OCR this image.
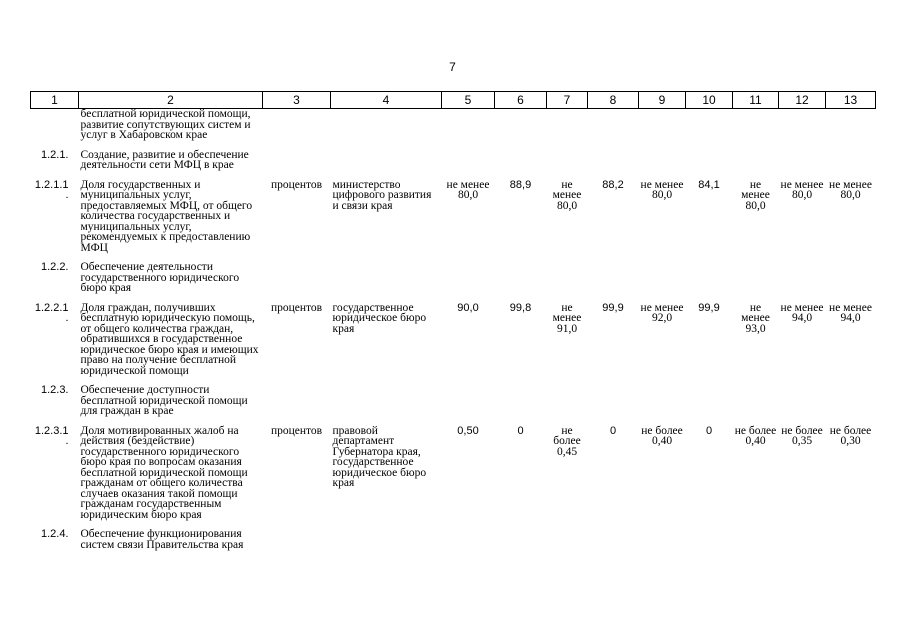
7
1	2	3	4	5	6	7	8	9	10	11	12	13
	бесплатной юридической помощи, развитие сопутствующих систем и услуг в Хабаровском крае											
1.2.1.	Создание, развитие и обеспечение деятельности сети МФЦ в крае											
1.2.1.1.	Доля государственных и муниципальных услуг, предоставляемых МФЦ, от общего количества государственных и муниципальных услуг, рекомендуемых к предоставлению МФЦ	процентов	министерство цифрового развития и связи края	не менее 80,0	88,9	не менее 80,0	88,2	не менее 80,0	84,1	не менее 80,0	не менее 80,0	не менее 80,0
1.2.2.	Обеспечение деятельности государственного юридического бюро края											
1.2.2.1.	Доля граждан, получивших бесплатную юридическую помощь, от общего количества граждан, обратившихся в государственное юридическое бюро края и имеющих право на получение бесплатной юридической помощи	процентов	государственное юридическое бюро края	90,0	99,8	не менее 91,0	99,9	не менее 92,0	99,9	не менее 93,0	не менее 94,0	не менее 94,0
1.2.3.	Обеспечение доступности бесплатной юридической помощи для граждан в крае											
1.2.3.1.	Доля мотивированных жалоб на действия (бездействие) государственного юридического бюро края по вопросам оказания бесплатной юридической помощи гражданам от общего количества случаев оказания такой помощи гражданам государственным юридическим бюро края	процентов	правовой департамент Губернатора края, государственное юридическое бюро края	0,50	0	не более 0,45	0	не более 0,40	0	не более 0,40	не более 0,35	не более 0,30
1.2.4.	Обеспечение функционирования систем связи Правительства края											
